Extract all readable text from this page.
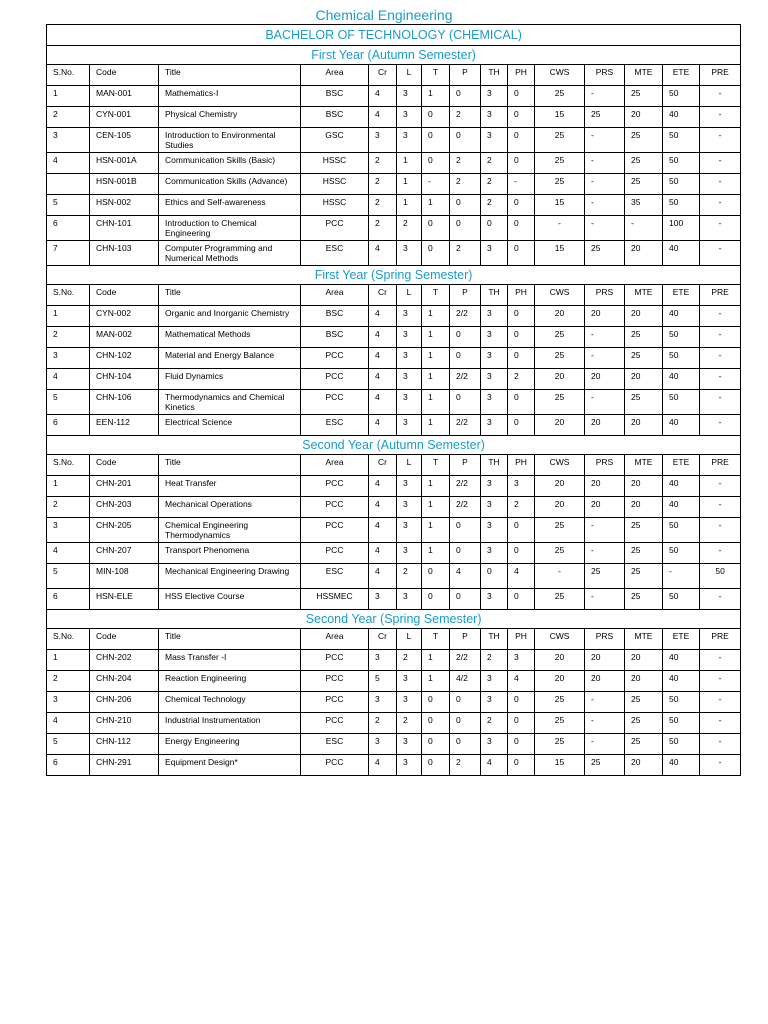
Chemical Engineering
BACHELOR OF TECHNOLOGY (CHEMICAL)														
First Year (Autumn Semester)														
S.No.	Code	Title	Area	Cr	L	T	P	TH	PH	CWS	PRS	MTE	ETE	PRE
1	MAN-001	Mathematics-I	BSC	4	3	1	0	3	0	25	-	25	50	-
2	CYN-001	Physical Chemistry	BSC	4	3	0	2	3	0	15	25	20	40	-
3	CEN-105	Introduction to Environmental Studies	GSC	3	3	0	0	3	0	25	-	25	50	-
4	HSN-001A	Communication Skills (Basic)	HSSC	2	1	0	2	2	0	25	-	25	50	-
	HSN-001B	Communication Skills (Advance)	HSSC	2	1	-	2	2	-	25	-	25	50	-
5	HSN-002	Ethics and Self-awareness	HSSC	2	1	1	0	2	0	15	-	35	50	-
6	CHN-101	Introduction to Chemical Engineering	PCC	2	2	0	0	0	0	-	-	-	100	-
7	CHN-103	Computer Programming and Numerical Methods	ESC	4	3	0	2	3	0	15	25	20	40	-
First Year (Spring Semester)														
S.No.	Code	Title	Area	Cr	L	T	P	TH	PH	CWS	PRS	MTE	ETE	PRE
1	CYN-002	Organic and Inorganic Chemistry	BSC	4	3	1	2/2	3	0	20	20	20	40	-
2	MAN-002	Mathematical Methods	BSC	4	3	1	0	3	0	25	-	25	50	-
3	CHN-102	Material and Energy Balance	PCC	4	3	1	0	3	0	25	-	25	50	-
4	CHN-104	Fluid Dynamics	PCC	4	3	1	2/2	3	2	20	20	20	40	-
5	CHN-106	Thermodynamics and Chemical Kinetics	PCC	4	3	1	0	3	0	25	-	25	50	-
6	EEN-112	Electrical Science	ESC	4	3	1	2/2	3	0	20	20	20	40	-
Second Year (Autumn Semester)														
S.No.	Code	Title	Area	Cr	L	T	P	TH	PH	CWS	PRS	MTE	ETE	PRE
1	CHN-201	Heat Transfer	PCC	4	3	1	2/2	3	3	20	20	20	40	-
2	CHN-203	Mechanical Operations	PCC	4	3	1	2/2	3	2	20	20	20	40	-
3	CHN-205	Chemical Engineering Thermodynamics	PCC	4	3	1	0	3	0	25	-	25	50	-
4	CHN-207	Transport Phenomena	PCC	4	3	1	0	3	0	25	-	25	50	-
5	MIN-108	Mechanical Engineering Drawing	ESC	4	2	0	4	0	4	-	25	25	-	50
6	HSN-ELE	HSS Elective Course	HSSMEC	3	3	0	0	3	0	25	-	25	50	-
Second Year (Spring Semester)														
S.No.	Code	Title	Area	Cr	L	T	P	TH	PH	CWS	PRS	MTE	ETE	PRE
1	CHN-202	Mass Transfer -I	PCC	3	2	1	2/2	2	3	20	20	20	40	-
2	CHN-204	Reaction Engineering	PCC	5	3	1	4/2	3	4	20	20	20	40	-
3	CHN-206	Chemical Technology	PCC	3	3	0	0	3	0	25	-	25	50	-
4	CHN-210	Industrial Instrumentation	PCC	2	2	0	0	2	0	25	-	25	50	-
5	CHN-112	Energy Engineering	ESC	3	3	0	0	3	0	25	-	25	50	-
6	CHN-291	Equipment Design*	PCC	4	3	0	2	4	0	15	25	20	40	-
